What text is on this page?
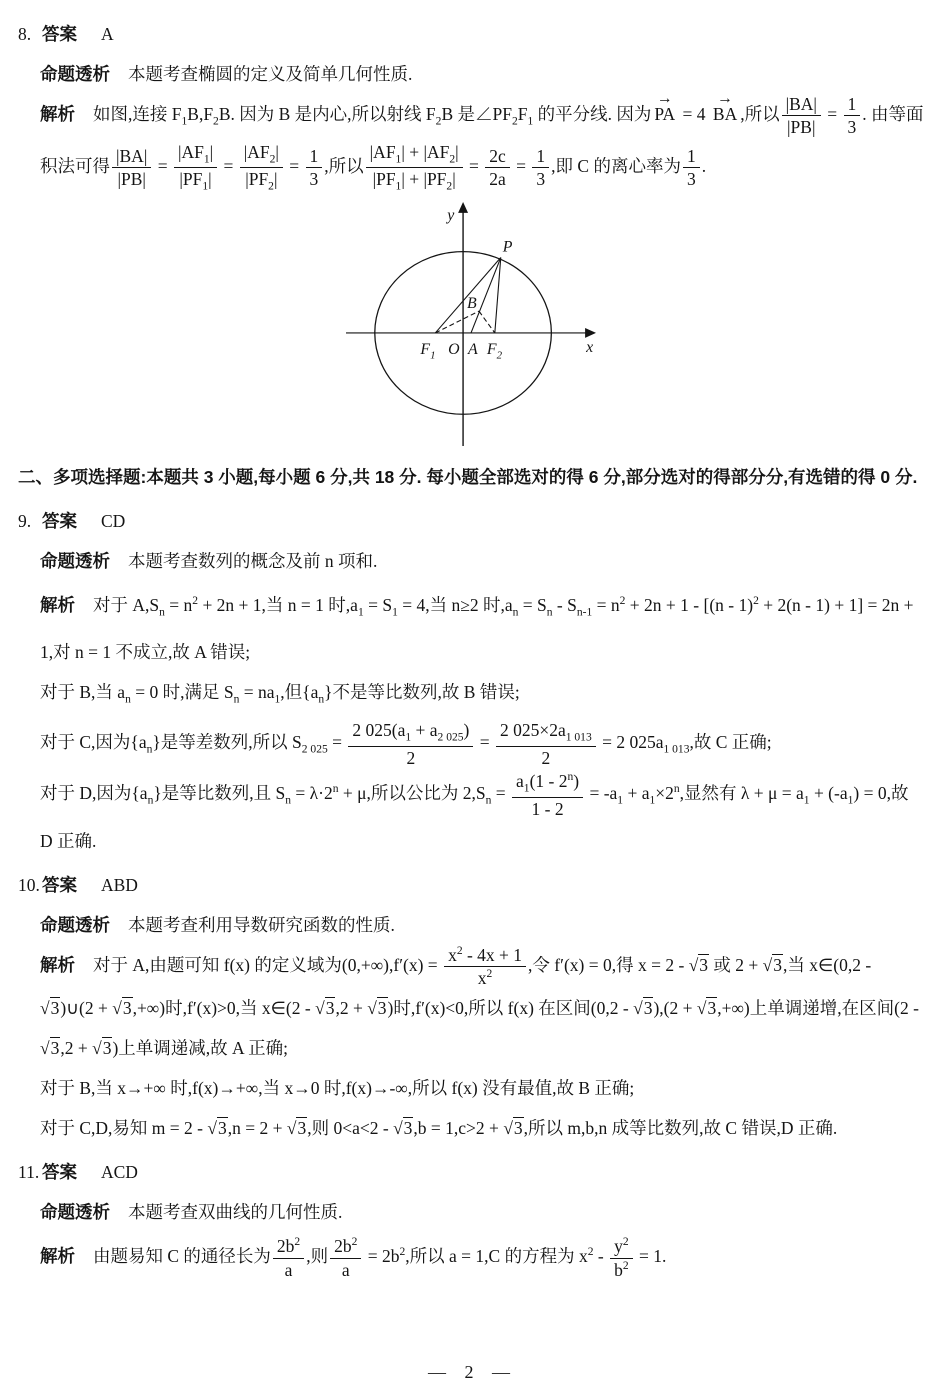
8. 答案 A
命题透析 本题考查椭圆的定义及简单几何性质.
解析 如图,连接 $F_1B,F_2B$. 因为 B 是内心,所以射线 $F_2B$ 是$\angle PF_2F_1$ 的平分线. 因为 → PA = 4 → BA ,所以 $\frac{|BA|}{|PB|} = \frac{1}{3}$ . 由等面积法可得 $\frac{|BA|}{|PB|} = \frac{|AF_1|}{|PF_1|} = \frac{|AF_2|}{|PF_2|} = \frac{1}{3}$ ,所以 $\frac{|AF_1| + |AF_2|}{|PF_1| + |PF_2|} = \frac{2c}{2a} = \frac{1}{3}$ ,即 C 的离心率为 $\frac{1}{3}$ .
y
x
P
B
$F_1$ O A $F_2$
二、多项选择题:本题共 3 小题,每小题 6 分,共 18 分. 每小题全部选对的得 6 分,部分选对的得部分分,有选错的得 0 分.
9. 答案 CD
命题透析 本题考查数列的概念及前 n 项和.
解析 对于 $A,S_n = n^2 + 2n + 1$,当 n = 1 时$,a_1 = S_1 = 4$,当 n≥2 时$,a_n = S_n - S_{n-1} = n^2 + 2n + 1 - [(n - 1)^2 + 2(n - 1) + 1] = 2n + 1$,对 n = 1 不成立,故 A 错误;
对于 B,当 $a_n = 0$ 时,满足 $S_n = na_1$,但$\{a_n\}$不是等比数列,故 B 错误;
对于 C,因为$\{a_n\}$是等差数列,所以 $S_{2 025} = \frac{2 025(a_1 + a_{2 025})}{2} = \frac{2 025\times 2a_{1 013}}{2} = 2$ $025a_{1 013}$,故 C 正确;
对于 D,因为$\{a_n\}$是等比数列,且 $S_n = \lambda\cdot 2^n + \mu$,所以公比为 $2,S_n = \frac{a_1(1 - 2^n)}{1 - 2} = -a_1 + a_1\times 2^n$,显然有 $\lambda + \mu = a_1 + (-a_1) = 0$,故 D 正确.
10. 答案 ABD
命题透析 本题考查利用导数研究函数的性质.
解析 对于 A,由题可知 f(x) 的定义域为$(0,+\infty),f'(x) = \frac{x^2 - 4x + 1}{x^2}$ ,令 f′(x) = 0,得 x = 2 - √3 或 2 + √3,当 x∈(0,2 - √3)∪(2 + √3,+∞)时,f′(x)>0,当 x∈(2 - √3,2 + √3)时,f′(x)<0,所以 f(x) 在区间(0,2 - √3),(2 + √3,+∞)上单调递增,在区间(2 - √3,2 + √3)上单调递减,故 A 正确;
对于 B,当 x→+∞ 时,f(x)→+∞,当 x→0 时,f(x)→-∞,所以 f(x) 没有最值,故 B 正确;
对于 C,D,易知 m = 2 - √3,n = 2 + √3,则 0<a<2 - √3,b = 1,c>2 + √3,所以 m,b,n 成等比数列,故 C 错误,D 正确.
11. 答案 ACD
命题透析 本题考查双曲线的几何性质.
解析 由题易知 C 的通径长为 $\frac{2b^2}{a}$ ,则 $\frac{2b^2}{a} = 2b^2$,所以 a = 1,C 的方程为 $x^2 - \frac{y^2}{b^2} = 1$.
— 2 —
